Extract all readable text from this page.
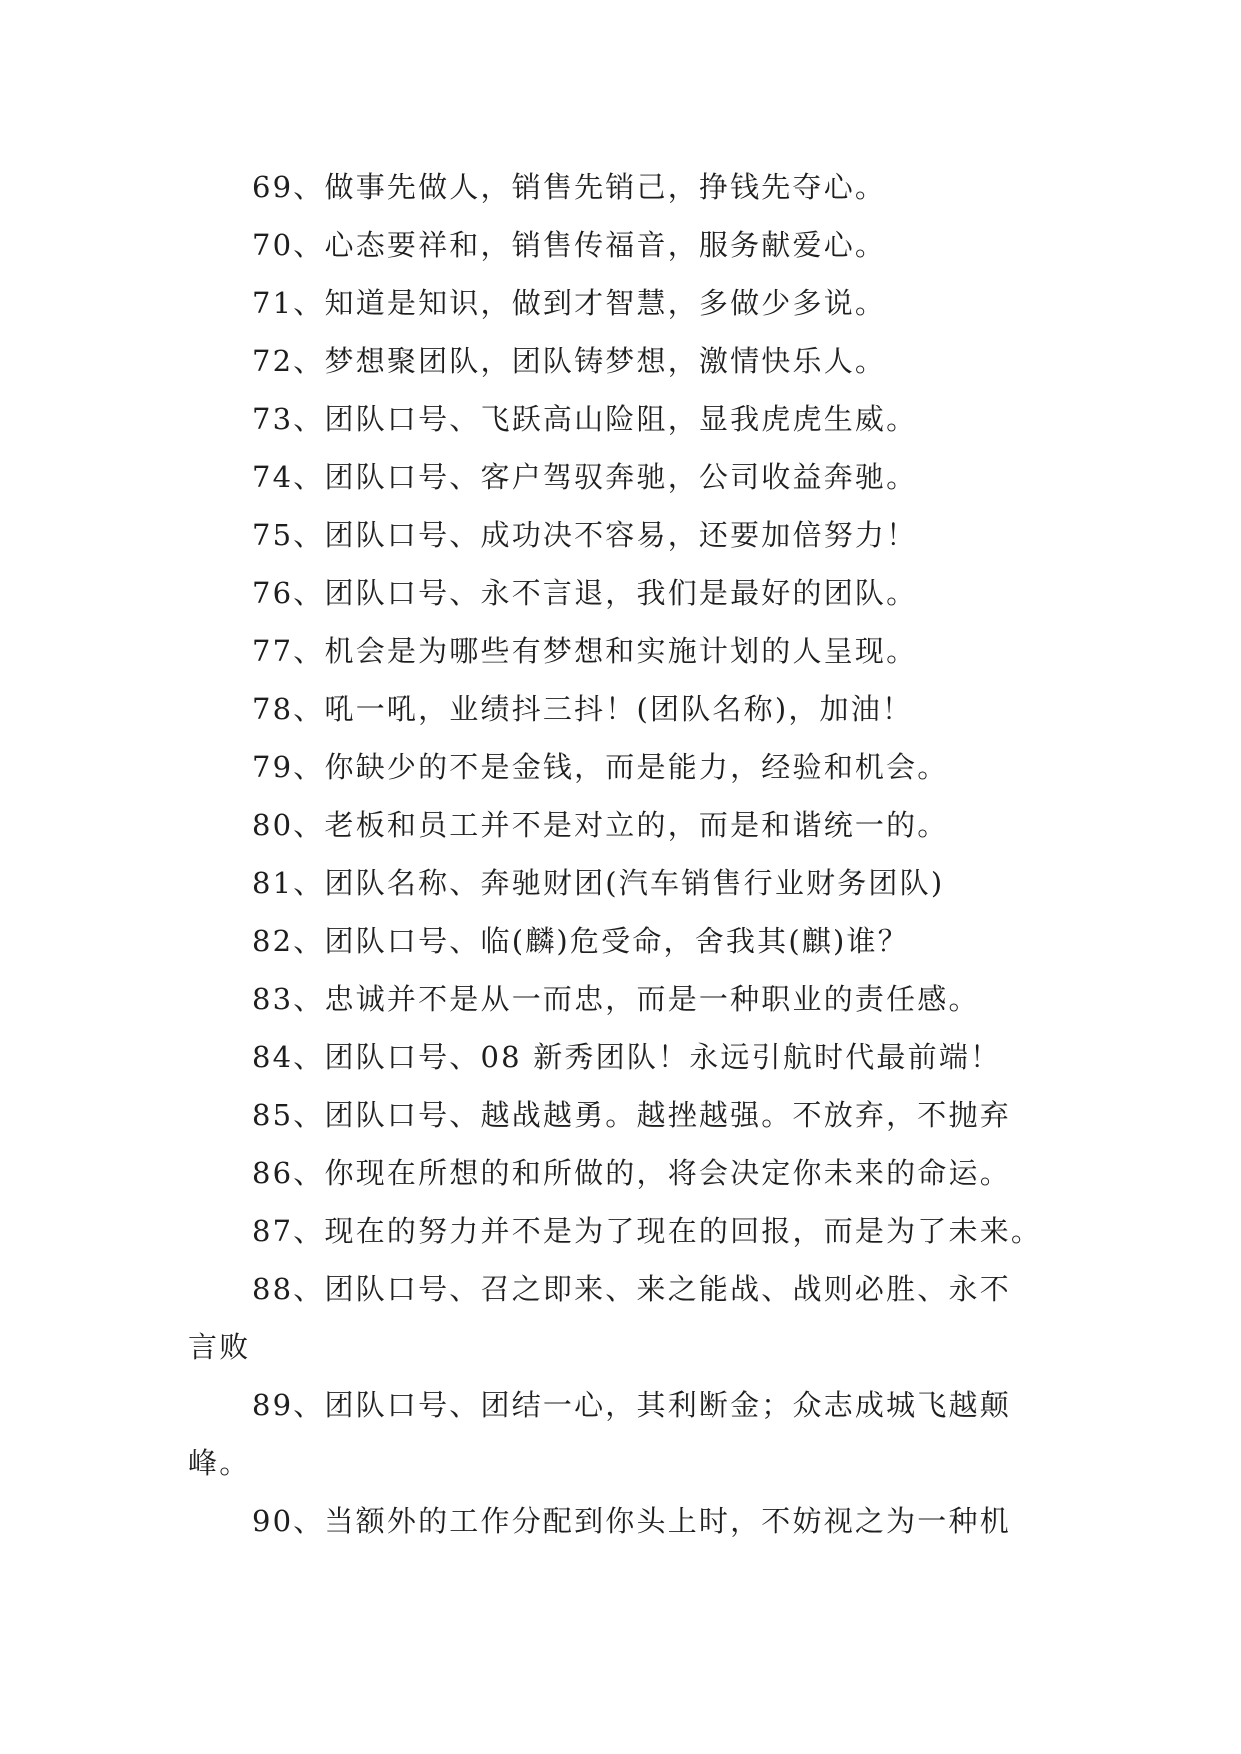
69、做事先做人，销售先销己，挣钱先夺心。
70、心态要祥和，销售传福音，服务献爱心。
71、知道是知识，做到才智慧，多做少多说。
72、梦想聚团队，团队铸梦想，激情快乐人。
73、团队口号、飞跃高山险阻，显我虎虎生威。
74、团队口号、客户驾驭奔驰，公司收益奔驰。
75、团队口号、成功决不容易，还要加倍努力！
76、团队口号、永不言退，我们是最好的团队。
77、机会是为哪些有梦想和实施计划的人呈现。
78、吼一吼，业绩抖三抖！(团队名称)，加油！
79、你缺少的不是金钱，而是能力，经验和机会。
80、老板和员工并不是对立的，而是和谐统一的。
81、团队名称、奔驰财团(汽车销售行业财务团队)
82、团队口号、临(麟)危受命，舍我其(麒)谁？
83、忠诚并不是从一而忠，而是一种职业的责任感。
84、团队口号、08 新秀团队！永远引航时代最前端！
85、团队口号、越战越勇。越挫越强。不放弃，不抛弃
86、你现在所想的和所做的，将会决定你未来的命运。
87、现在的努力并不是为了现在的回报，而是为了未来。
88、团队口号、召之即来、来之能战、战则必胜、永不
言败
89、团队口号、团结一心，其利断金；众志成城飞越颠
峰。
90、当额外的工作分配到你头上时，不妨视之为一种机
